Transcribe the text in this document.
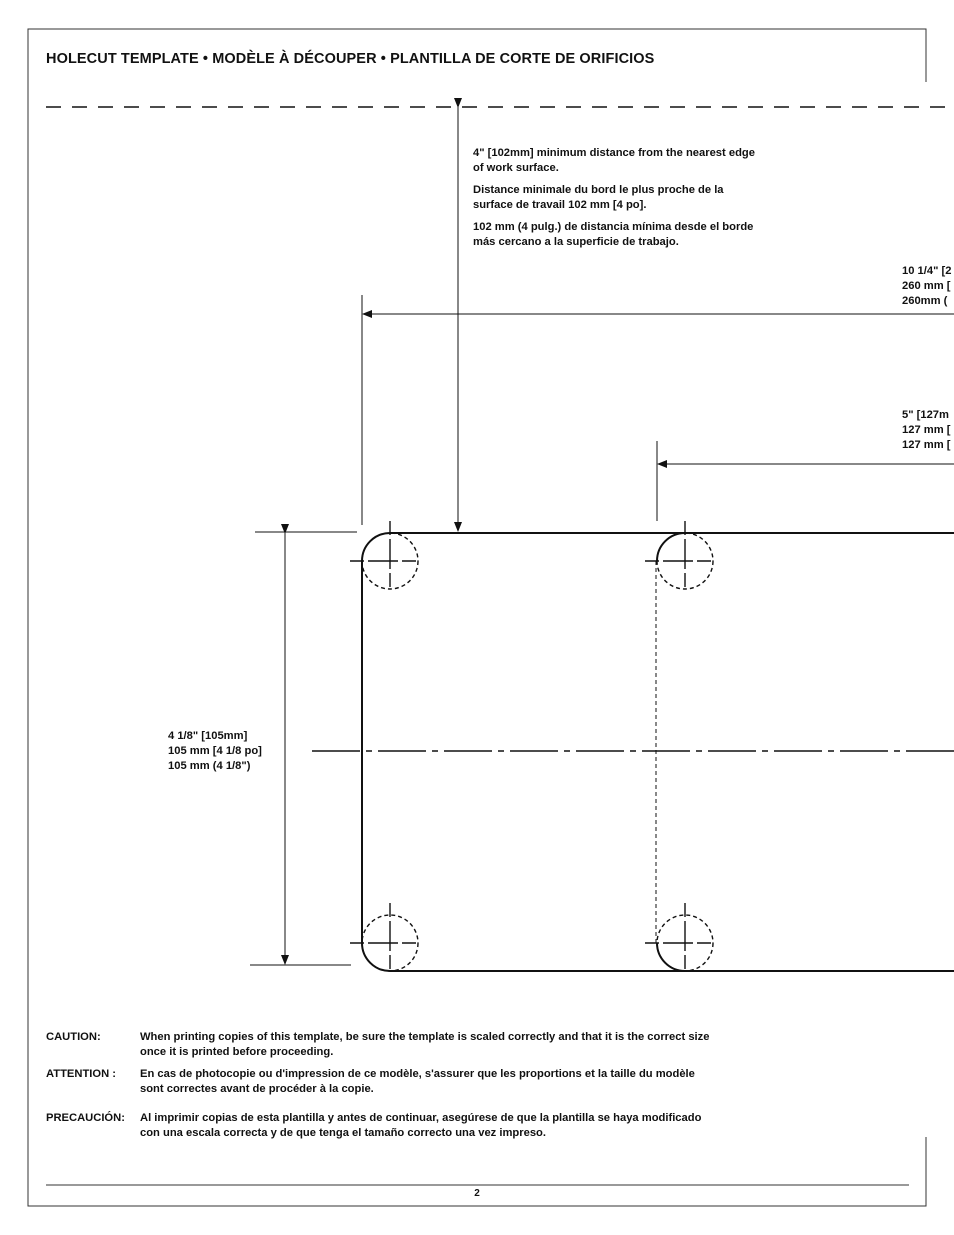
HOLECUT TEMPLATE • MODÈLE À DÉCOUPER • PLANTILLA DE CORTE DE ORIFICIOS

4" [102mm] minimum distance from the nearest edge of work surface.

Distance minimale du bord le plus proche de la surface de travail 102 mm [4 po].

102 mm (4 pulg.) de distancia mínima desde el borde más cercano a la superficie de trabajo.

10 1/4" [2
260 mm [
260mm (
5" [127m
127 mm [
127 mm [
4 1/8" [105mm]
105 mm [4 1/8 po]
105 mm (4 1/8")
CAUTION:	When printing copies of this template, be sure the template is scaled correctly and that it is the correct size once it is printed before proceeding.
ATTENTION :	En cas de photocopie ou d'impression de ce modèle, s'assurer que les proportions et la taille du modèle sont correctes avant de procéder à la copie.
PRECAUCIÓN:	Al imprimir copias de esta plantilla y antes de continuar, asegúrese de que la plantilla se haya modificado con una escala correcta y de que tenga el tamaño correcto una vez impreso.
2
